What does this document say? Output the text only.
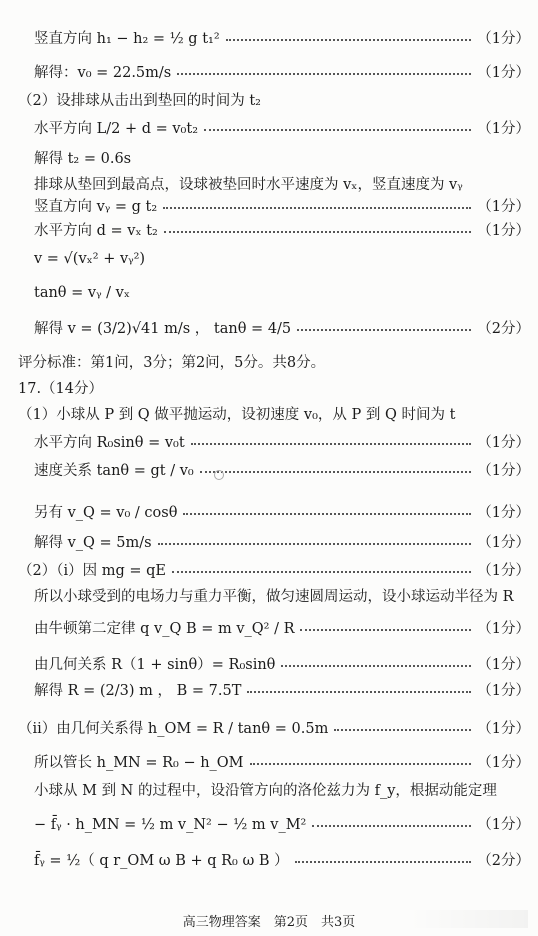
竖直方向 h₁ − h₂ = ½ g t₁²	（1分）
解得：v₀ = 22.5m/s	（1分）
（2）设排球从击出到垫回的时间为 t₂
水平方向 L/2 + d = v₀t₂	（1分）
解得 t₂ = 0.6s
排球从垫回到最高点，设球被垫回时水平速度为 vₓ，竖直速度为 vᵧ
竖直方向 vᵧ = g t₂	（1分）
水平方向 d = vₓ t₂	（1分）
v = √(vₓ² + vᵧ²)
tanθ = vᵧ / vₓ
解得 v = (3/2)√41 m/s ， tanθ = 4/5	（2分）
评分标准：第1问，3分；第2问，5分。共8分。
17.（14分）
（1）小球从 P 到 Q 做平抛运动，设初速度 v₀，从 P 到 Q 时间为 t
水平方向 R₀sinθ = v₀t	（1分）
速度关系 tanθ = gt / v₀	（1分）
另有 v_Q = v₀ / cosθ	（1分）
解得 v_Q = 5m/s	（1分）
（2）（i）因 mg = qE	（1分）
所以小球受到的电场力与重力平衡，做匀速圆周运动，设小球运动半径为 R
由牛顿第二定律 q v_Q B = m v_Q² / R	（1分）
由几何关系 R（1 + sinθ）= R₀sinθ	（1分）
解得 R = (2/3) m ， B = 7.5T	（1分）
（ii）由几何关系得 h_OM = R / tanθ = 0.5m	（1分）
所以管长 h_MN = R₀ − h_OM	（1分）
小球从 M 到 N 的过程中，设沿管方向的洛伦兹力为 f_y，根据动能定理
− f̄ᵧ · h_MN = ½ m v_N² − ½ m v_M²	（1分）
f̄ᵧ = ½（ q r_OM ω B + q R₀ ω B ）	（2分）
高三物理答案　第2页　共3页
